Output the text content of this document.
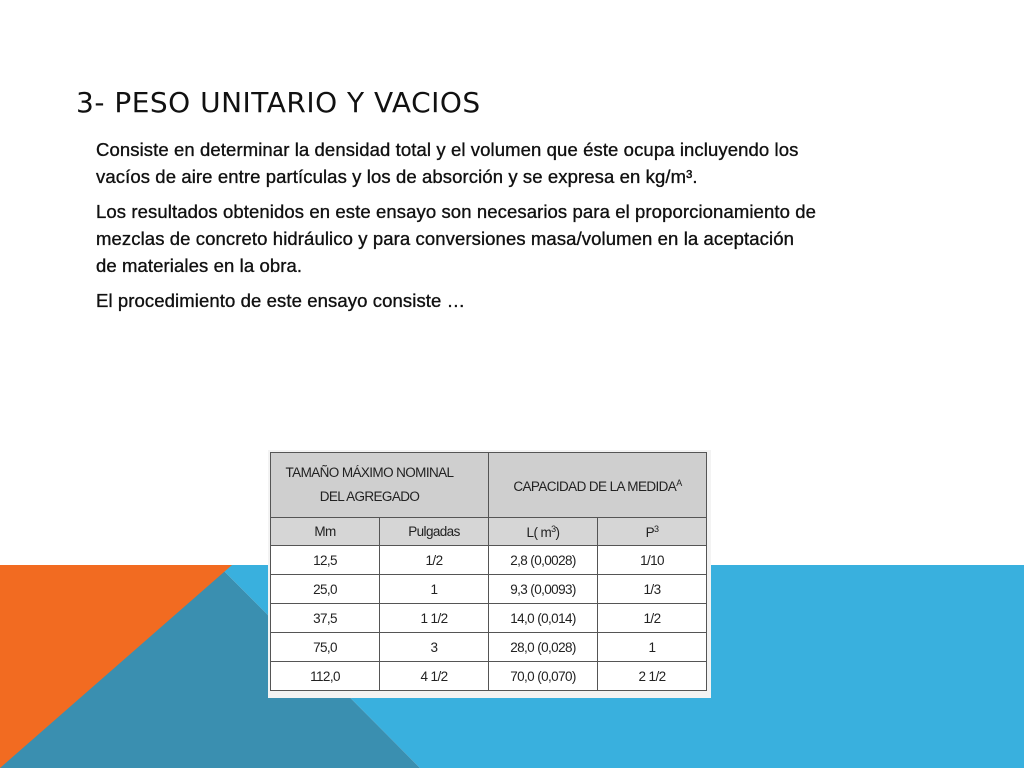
3- PESO UNITARIO Y VACIOS

Consiste en determinar la densidad total y el volumen que éste ocupa incluyendo los vacíos de aire entre partículas y los de absorción y se expresa en kg/m³.

Los resultados obtenidos en este ensayo son necesarios para el proporcionamiento de mezclas de concreto hidráulico y para conversiones masa/volumen en la aceptación de materiales en la obra.

El procedimiento de este ensayo consiste …

TAMAÑO MÁXIMO NOMINAL DEL AGREGADO		CAPACIDAD DE LA $MEDIDA^A$
Mm	Pulgadas	L( $m^3$)	$P^3$
12,5	1/2	2,8 (0,0028)	1/10
25,0	1	9,3 (0,0093)	1/3
37,5	1 1/2	14,0 (0,014)	1/2
75,0	3	28,0 (0,028)	1
112,0	4 1/2	70,0 (0,070)	2 1/2
